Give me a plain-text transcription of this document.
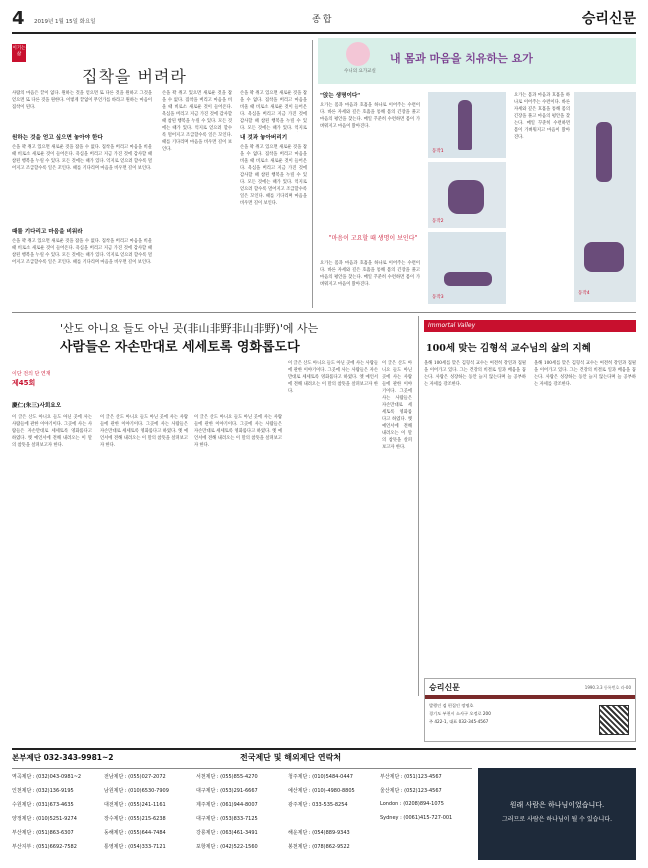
4 2019년 1월 15일 화요일	종합	승리신문
이기는 삶
집착을 버려라
사람의 마음은 끝이 없다. 원하는 것을 얻으면 또 다른 것을 원하고 그것을 얻으면 또 다른 것을 원한다. 이렇게 끝없이 무언가를 바라고 원하는 마음이 집착이 된다.
원하는 것을 얻고 싶으면 놓아야 한다
손을 꽉 쥐고 있으면 새로운 것을 잡을 수 없다. 집착을 버리고 마음을 비울 때 비로소 새로운 것이 들어온다. 욕심을 버리고 지금 가진 것에 감사할 때 참된 행복을 누릴 수 있다. 모든 것에는 때가 있다. 억지로 얻으려 할수록 멀어지고 조급할수록 일은 꼬인다. 때를 기다리며 마음을 비우면 길이 보인다.
때를 기다리고 마음을 비워라
손을 꽉 쥐고 있으면 새로운 것을 잡을 수 없다. 집착을 버리고 마음을 비울 때 비로소 새로운 것이 들어온다. 욕심을 버리고 지금 가진 것에 감사할 때 참된 행복을 누릴 수 있다. 모든 것에는 때가 있다. 억지로 얻으려 할수록 멀어지고 조급할수록 일은 꼬인다. 때를 기다리며 마음을 비우면 길이 보인다.
손을 꽉 쥐고 있으면 새로운 것을 잡을 수 없다. 집착을 버리고 마음을 비울 때 비로소 새로운 것이 들어온다. 욕심을 버리고 지금 가진 것에 감사할 때 참된 행복을 누릴 수 있다. 모든 것에는 때가 있다. 억지로 얻으려 할수록 멀어지고 조급할수록 일은 꼬인다. 때를 기다리며 마음을 비우면 길이 보인다.
내 것과 놓아버리기
손을 꽉 쥐고 있으면 새로운 것을 잡을 수 없다. 집착을 버리고 마음을 비울 때 비로소 새로운 것이 들어온다. 욕심을 버리고 지금 가진 것에 감사할 때 참된 행복을 누릴 수 있다. 모든 것에는 때가 있다. 억지로
손을 꽉 쥐고 있으면 새로운 것을 잡을 수 없다. 집착을 버리고 마음을 비울 때 비로소 새로운 것이 들어온다. 욕심을 버리고 지금 가진 것에 감사할 때 참된 행복을 누릴 수 있다. 모든 것에는 때가 있다. 억지로 얻으려 할수록 멀어지고 조급할수록 일은 꼬인다. 때를 기다리며 마음을 비우면 길이 보인다.
수니의 요가교실
내 몸과 마음을 치유하는 요가
"앉는 생명이다"
요가는 몸과 마음과 호흡을 하나로 이어주는 수련이다. 바른 자세와 깊은 호흡을 통해 몸의 긴장을 풀고 마음의 평안을 찾는다. 매일 꾸준히 수련하면 몸이 가벼워지고 마음이 맑아진다.
"마음이 고요할 때 생명이 보인다"
요가는 몸과 마음과 호흡을 하나로 이어주는 수련이다. 바른 자세와 깊은 호흡을 통해 몸의 긴장을 풀고 마음의 평안을 찾는다. 매일 꾸준히 수련하면 몸이 가벼워지고 마음이 맑아진다.
동작1
동작2
동작3
요가는 몸과 마음과 호흡을 하나로 이어주는 수련이다. 바른 자세와 깊은 호흡을 통해 몸의 긴장을 풀고 마음의 평안을 찾는다. 매일 꾸준히 수련하면 몸이 가벼워지고 마음이 맑아진다.
동작4
'산도 아니요 들도 아닌 곳(非山非野非山非野)'에 사는
사람들은 자손만대로 세세토록 영화롭도다
이단 전의 단 연재
제45회
慶仁(朱三)사회요오
이 글은 산도 아니요 들도 아닌 곳에 사는 사람들에 관한 이야기이다. 그곳에 사는 사람들은 자손만대로 세세토록 영화롭다고 하였다. 옛 예언서에 전해 내려오는 이 말의 참뜻을 살펴보고자 한다.
이 글은 산도 아니요 들도 아닌 곳에 사는 사람들에 관한 이야기이다. 그곳에 사는 사람들은 자손만대로 세세토록 영화롭다고 하였다. 옛 예언서에 전해 내려오는 이 말의 참뜻을 살펴보고자 한다.
이 글은 산도 아니요 들도 아닌 곳에 사는 사람들에 관한 이야기이다. 그곳에 사는 사람들은 자손만대로 세세토록 영화롭다고 하였다. 옛 예언서에 전해 내려오는 이 말의 참뜻을 살펴보고자 한다.
이 글은 산도 아니요 들도 아닌 곳에 사는 사람들에 관한 이야기이다. 그곳에 사는 사람들은 자손만대로 세세토록 영화롭다고 하였다. 옛 예언서에 전해 내려오는 이 말의 참뜻을 살펴보고자 한다.
이 글은 산도 아니요 들도 아닌 곳에 사는 사람들에 관한 이야기이다. 그곳에 사는 사람들은 자손만대로 세세토록 영화롭다고 하였다. 옛 예언서에 전해 내려오는 이 말의 참뜻을 살펴보고자 한다.
Immortal Valley
100세 맞는 김형석 교수님의 삶의 지혜
올해 100세를 맞은 김형석 교수는 여전히 강연과 집필을 이어가고 있다. 그는 건강의 비결로 일과 배움을 꼽는다. 사람은 성장하는 동안 늙지 않는다며 늘 공부하는 자세를 강조한다.
올해 100세를 맞은 김형석 교수는 여전히 강연과 집필을 이어가고 있다. 그는 건강의 비결로 일과 배움을 꼽는다. 사람은 성장하는 동안 늙지 않는다며 늘 공부하는 자세를 강조한다.
승리신문	1990.3.3 등록번호 라-00
발행인 겸 편집인 정명호
경기도 부천시 소사구 오정로 200
주 422-1, 대표 032-345-4567
본부제단 032-343-9981~2	전국제단 및 해외제단 연락처
역곡제단 : (032)043-0981~2	전남제단 : (055)027-2072	서천제단 : (055)855-4270	청주제단 : (010)5484-0447	부산제단 : (051)123-4567
인천제단 : (032)136-9195	남원제단 : (010)6530-7909	대구제단 : (053)291-6667	예산제단 : (010)-4980-8805	울산제단 : (052)123-4567
수원제단 : (031)673-4635	대전제단 : (055)241-1161	제주제단 : (061)944-8007	광주제단 : 033-535-8254	London : (0208)894-1075
양정제단 : (010)5251-9274	장수제단 : (055)215-6238	대구제단 : (053)833-7125	Sydney : (0061)415-727-001
부산제단 : (051)863-6307	동해제단 : (055)644-7484	강릉제단 : (063)461-3491	해운제단 : (054)889-9343
부산지부 : (051)6692-7582	통영제단 : (054)333-7121	포항제단 : (042)522-1560	봉천제단 : (078)862-9522
원래 사람은 하나님이었습니다.
그러므로 사람은 하나님이 될 수 있습니다.
